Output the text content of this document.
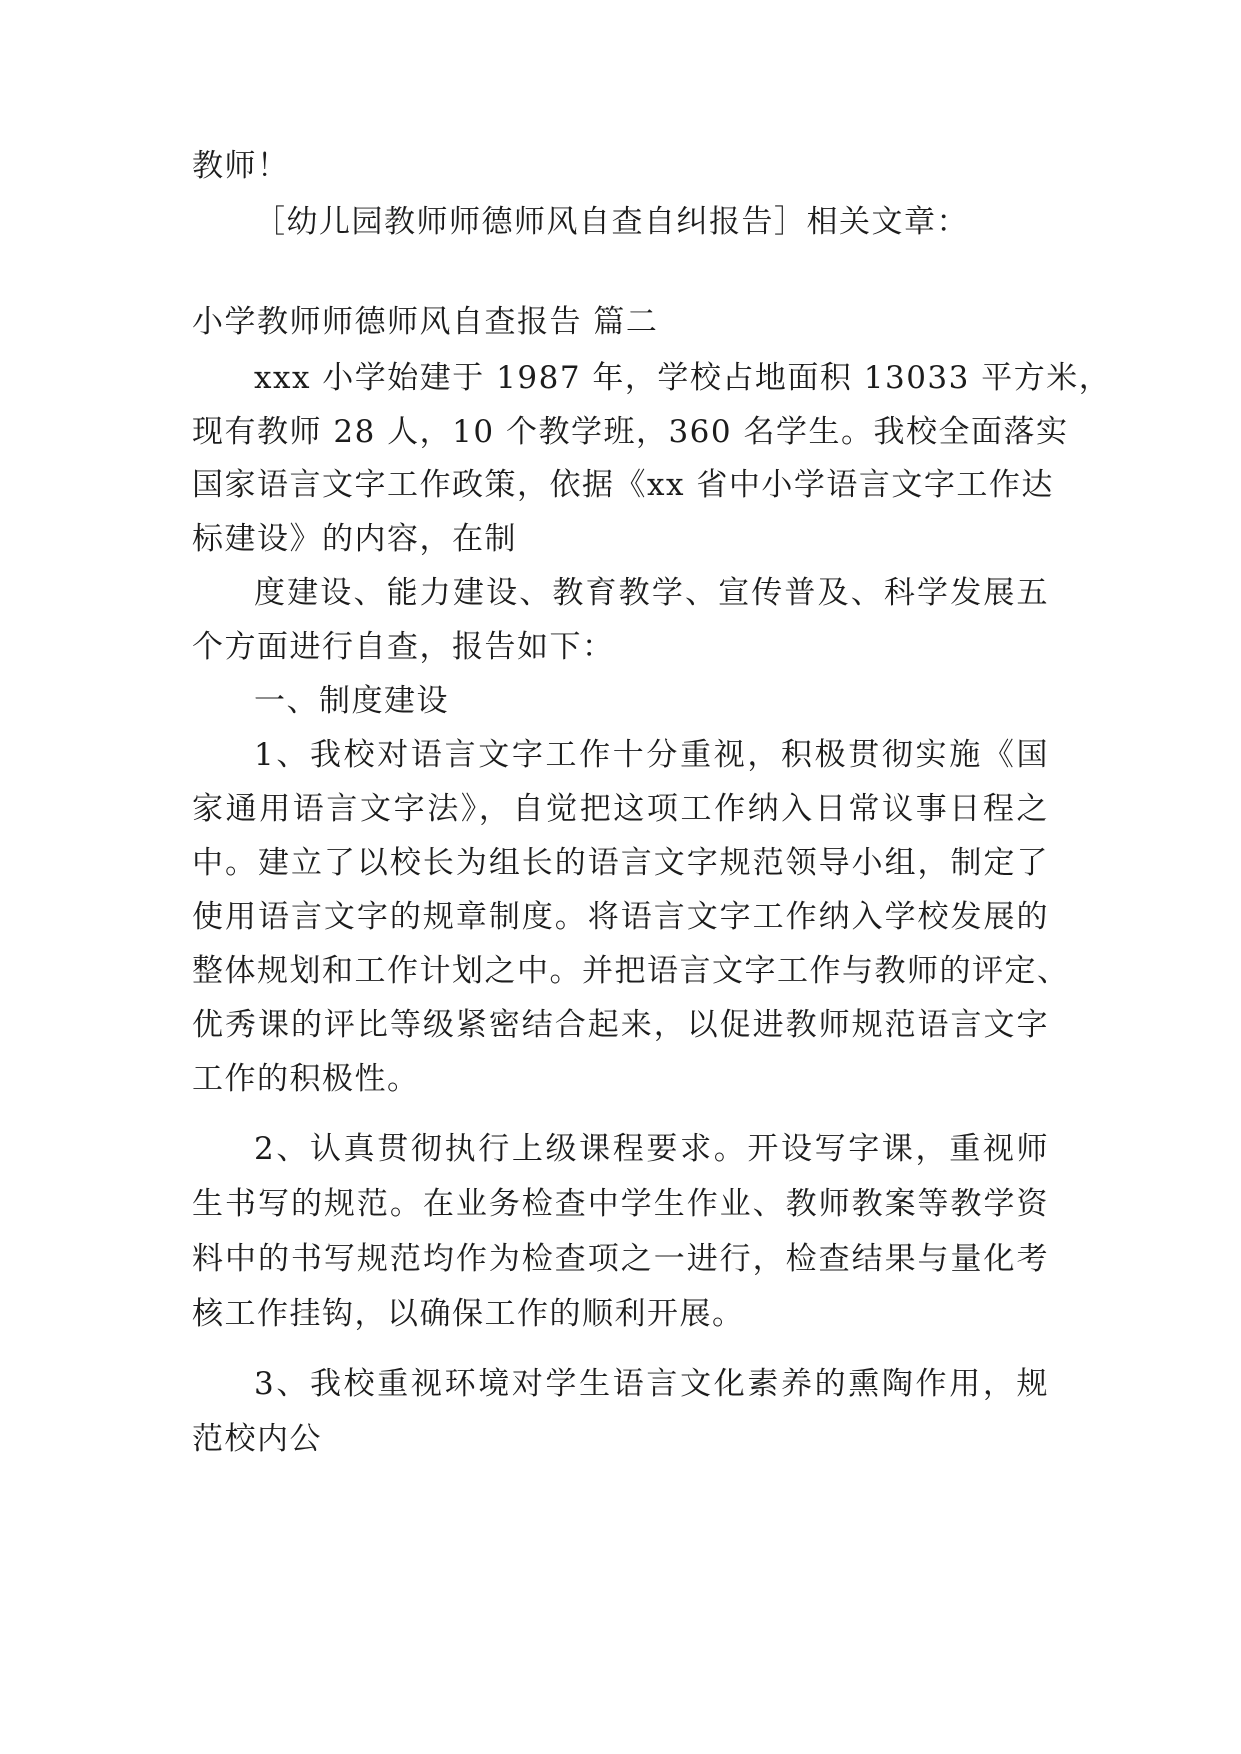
教师！
［幼儿园教师师德师风自查自纠报告］相关文章：
小学教师师德师风自查报告 篇二
xxx 小学始建于 1987 年，学校占地面积 13033 平方米，
现有教师 28 人，10 个教学班，360 名学生。我校全面落实
国家语言文字工作政策，依据《xx 省中小学语言文字工作达
标建设》的内容，在制
度建设、能力建设、教育教学、宣传普及、科学发展五
个方面进行自查，报告如下：
一、制度建设
1、我校对语言文字工作十分重视，积极贯彻实施《国
家通用语言文字法》，自觉把这项工作纳入日常议事日程之
中。建立了以校长为组长的语言文字规范领导小组，制定了
使用语言文字的规章制度。将语言文字工作纳入学校发展的
整体规划和工作计划之中。并把语言文字工作与教师的评定、
优秀课的评比等级紧密结合起来，以促进教师规范语言文字
工作的积极性。
2、认真贯彻执行上级课程要求。开设写字课，重视师
生书写的规范。在业务检查中学生作业、教师教案等教学资
料中的书写规范均作为检查项之一进行，检查结果与量化考
核工作挂钩，以确保工作的顺利开展。
3、我校重视环境对学生语言文化素养的熏陶作用，规
范校内公
